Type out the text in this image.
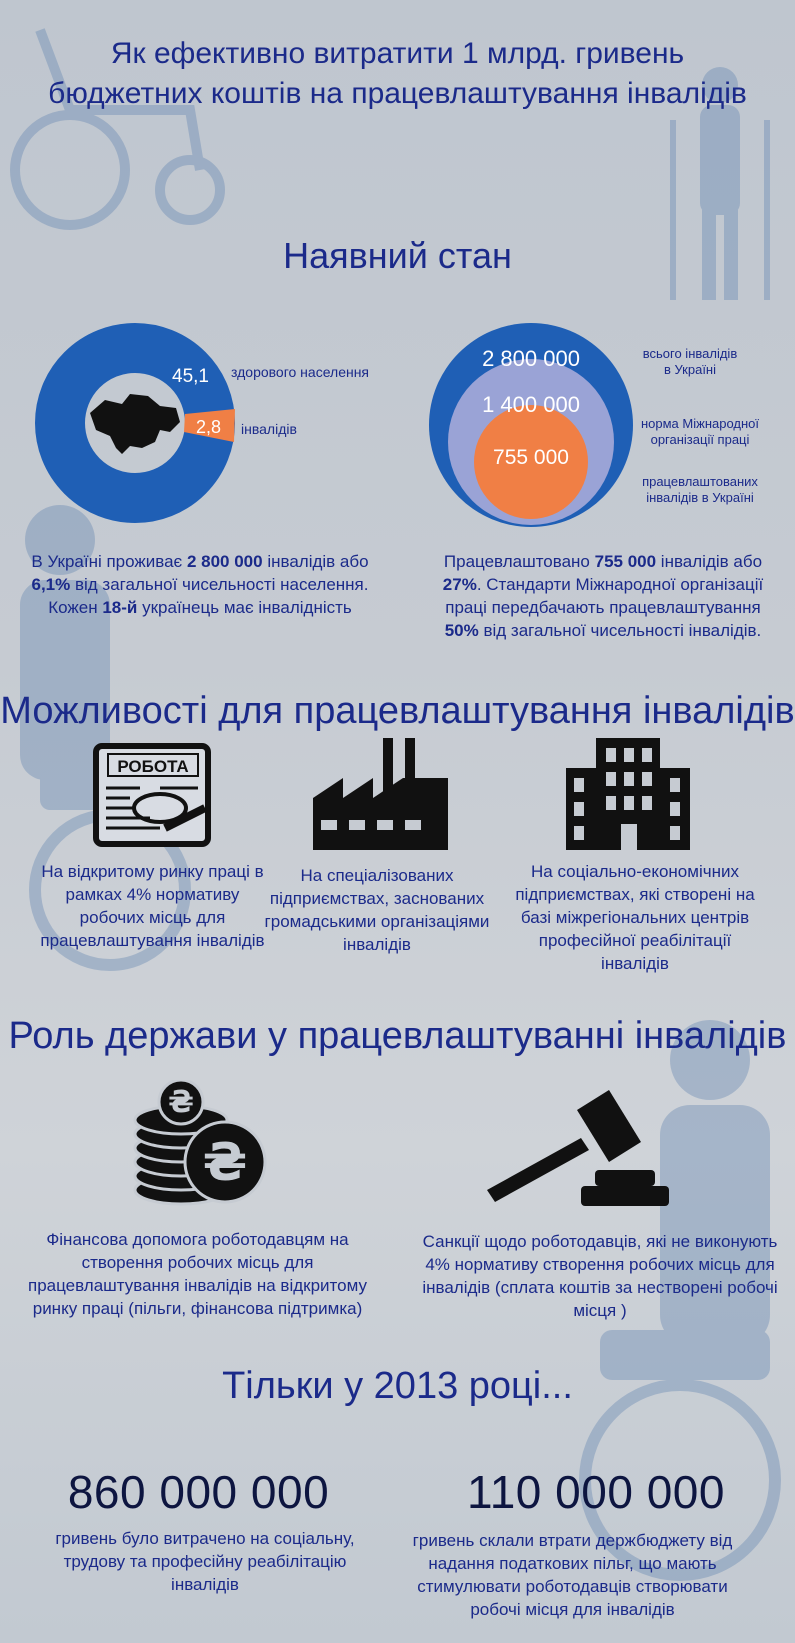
Як ефективно витратити 1 млрд. гривень
бюджетних коштів на працевлаштування інвалідів
Наявний стан
45,1 здорового населення
2,8 інвалідів
2 800 000
1 400 000
755 000
всього інвалідів
в Україні
норма Міжнародної
організації праці
працевлаштованих
інвалідів в Україні
В Україні проживає 2 800 000 інвалідів або
6,1% від загальної чисельності населення.
Кожен 18-й українець має інвалідність
Працевлаштовано 755 000 інвалідів або
27%. Стандарти Міжнародної організації
праці передбачають працевлаштування
50% від загальної чисельності інвалідів.
Можливості для працевлаштування інвалідів
РОБОТА
На відкритому ринку праці в рамках 4% нормативу робочих місць для працевлаштування інвалідів
На спеціалізованих підприємствах, заснованих громадськими організаціями інвалідів
На соціально-економічних підприємствах, які створені на базі міжрегіональних центрів професійної реабілітації інвалідів
Роль держави у працевлаштуванні інвалідів
₴
₴
Фінансова допомога роботодавцям на створення робочих місць для працевлаштування інвалідів на відкритому ринку праці (пільги, фінансова підтримка)
Санкції щодо роботодавців, які не виконують 4% нормативу створення робочих місць для інвалідів (сплата коштів за нестворені робочі місця )
Тільки у 2013 році...
860 000 000	110 000 000
гривень було витрачено на соціальну, трудову та професійну реабілітацію інвалідів
гривень склали втрати держбюджету від надання податкових пільг, що мають стимулювати роботодавців створювати робочі місця для інвалідів
